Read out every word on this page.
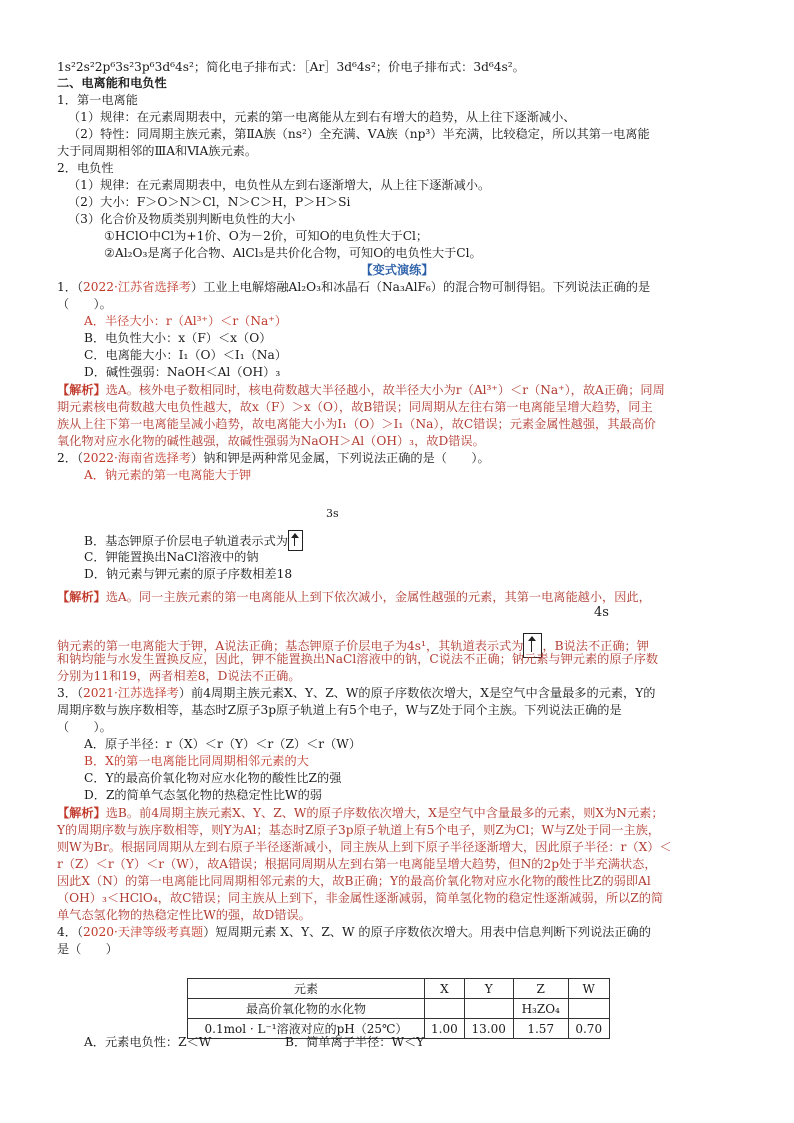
1s²2s²2p⁶3s²3p⁶3d⁶4s²；简化电子排布式：［Ar］3d⁶4s²；价电子排布式：3d⁶4s²。
二、电离能和电负性
1．第一电离能
（1）规律：在元素周期表中，元素的第一电离能从左到右有增大的趋势，从上往下逐渐减小、
（2）特性：同周期主族元素，第ⅡA族（ns²）全充满、ⅤA族（np³）半充满，比较稳定，所以其第一电离能
大于同周期相邻的ⅢA和ⅥA族元素。
2．电负性
（1）规律：在元素周期表中，电负性从左到右逐渐增大，从上往下逐渐减小。
（2）大小：F＞O＞N＞Cl，N＞C＞H，P＞H＞Si
（3）化合价及物质类别判断电负性的大小
①HClO中Cl为+1价、O为－2价，可知O的电负性大于Cl；
②Al₂O₃是离子化合物、AlCl₃是共价化合物，可知O的电负性大于Cl。
【变式演练】
1．（2022·江苏省选择考）工业上电解熔融Al₂O₃和冰晶石（Na₃AlF₆）的混合物可制得铝。下列说法正确的是
（　　）。
A．半径大小：r（Al³⁺）＜r（Na⁺）
B．电负性大小：x（F）＜x（O）
C．电离能大小：I₁（O）＜I₁（Na）
D．碱性强弱：NaOH＜Al（OH）₃
【解析】选A。核外电子数相同时，核电荷数越大半径越小，故半径大小为r（Al³⁺）＜r（Na⁺），故A正确；同周
期元素核电荷数越大电负性越大，故x（F）＞x（O），故B错误；同周期从左往右第一电离能呈增大趋势，同主
族从上往下第一电离能呈减小趋势，故电离能大小为I₁（O）＞I₁（Na），故C错误；元素金属性越强，其最高价
氧化物对应水化物的碱性越强，故碱性强弱为NaOH＞Al（OH）₃，故D错误。
2．（2022·海南省选择考）钠和钾是两种常见金属，下列说法正确的是（　　）。
A．钠元素的第一电离能大于钾
3s
B．基态钾原子价层电子轨道表示式为
C．钾能置换出NaCl溶液中的钠
D．钠元素与钾元素的原子序数相差18
【解析】选A。同一主族元素的第一电离能从上到下依次减小，金属性越强的元素，其第一电离能越小，因此，
4s
钠元素的第一电离能大于钾，A说法正确；基态钾原子价层电子为4s¹，其轨道表示式为 ，B说法不正确；钾
和钠均能与水发生置换反应，因此，钾不能置换出NaCl溶液中的钠，C说法不正确；钠元素与钾元素的原子序数
分别为11和19，两者相差8，D说法不正确。
3．（2021·江苏选择考）前4周期主族元素X、Y、Z、W的原子序数依次增大，X是空气中含量最多的元素，Y的
周期序数与族序数相等，基态时Z原子3p原子轨道上有5个电子，W与Z处于同个主族。下列说法正确的是
（　　）。
A．原子半径：r（X）＜r（Y）＜r（Z）＜r（W）
B．X的第一电离能比同周期相邻元素的大
C．Y的最高价氧化物对应水化物的酸性比Z的强
D．Z的简单气态氢化物的热稳定性比W的弱
【解析】选B。前4周期主族元素X、Y、Z、W的原子序数依次增大，X是空气中含量最多的元素，则X为N元素；
Y的周期序数与族序数相等，则Y为Al；基态时Z原子3p原子轨道上有5个电子，则Z为Cl；W与Z处于同一主族，
则W为Br。根据同周期从左到右原子半径逐渐减小，同主族从上到下原子半径逐渐增大，因此原子半径：r（X）＜
r（Z）＜r（Y）＜r（W），故A错误；根据同周期从左到右第一电离能呈增大趋势，但N的2p处于半充满状态，
因此X（N）的第一电离能比同周期相邻元素的大，故B正确；Y的最高价氧化物对应水化物的酸性比Z的弱即Al
（OH）₃＜HClO₄，故C错误；同主族从上到下，非金属性逐渐减弱，简单氢化物的稳定性逐渐减弱，所以Z的简
单气态氢化物的热稳定性比W的强，故D错误。
4．（2020·天津等级考真题）短周期元素 X、Y、Z、W 的原子序数依次增大。用表中信息判断下列说法正确的
是（　　）
元素	X	Y	Z	W
最高价氧化物的水化物			H₃ZO₄	
0.1mol · L⁻¹溶液对应的pH（25℃）	1.00	13.00	1.57	0.70
A．元素电负性：Z＜W	B．简单离子半径：W＜Y
